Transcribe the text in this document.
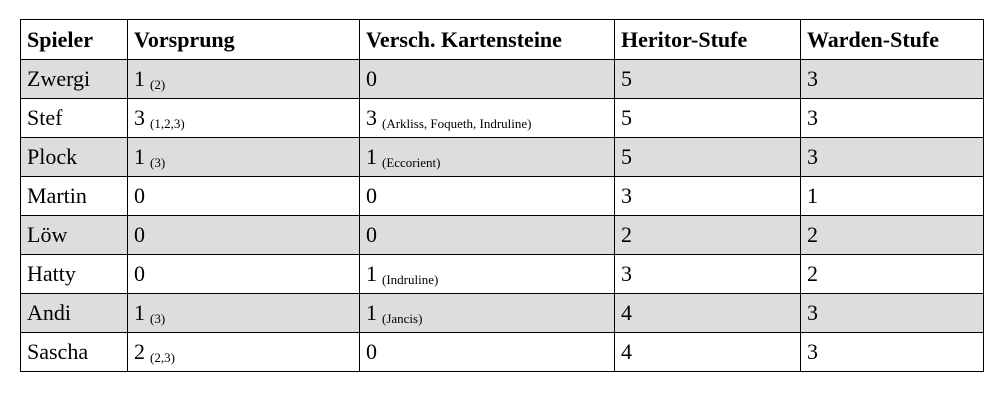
Spieler	Vorsprung	Versch. Kartensteine	Heritor-Stufe	Warden-Stufe
Zwergi	1 (2)	0	5	3
Stef	3 (1,2,3)	3 (Arkliss, Foqueth, Indruline)	5	3
Plock	1 (3)	1 (Eccorient)	5	3
Martin	0	0	3	1
Löw	0	0	2	2
Hatty	0	1 (Indruline)	3	2
Andi	1 (3)	1 (Jancis)	4	3
Sascha	2 (2,3)	0	4	3
